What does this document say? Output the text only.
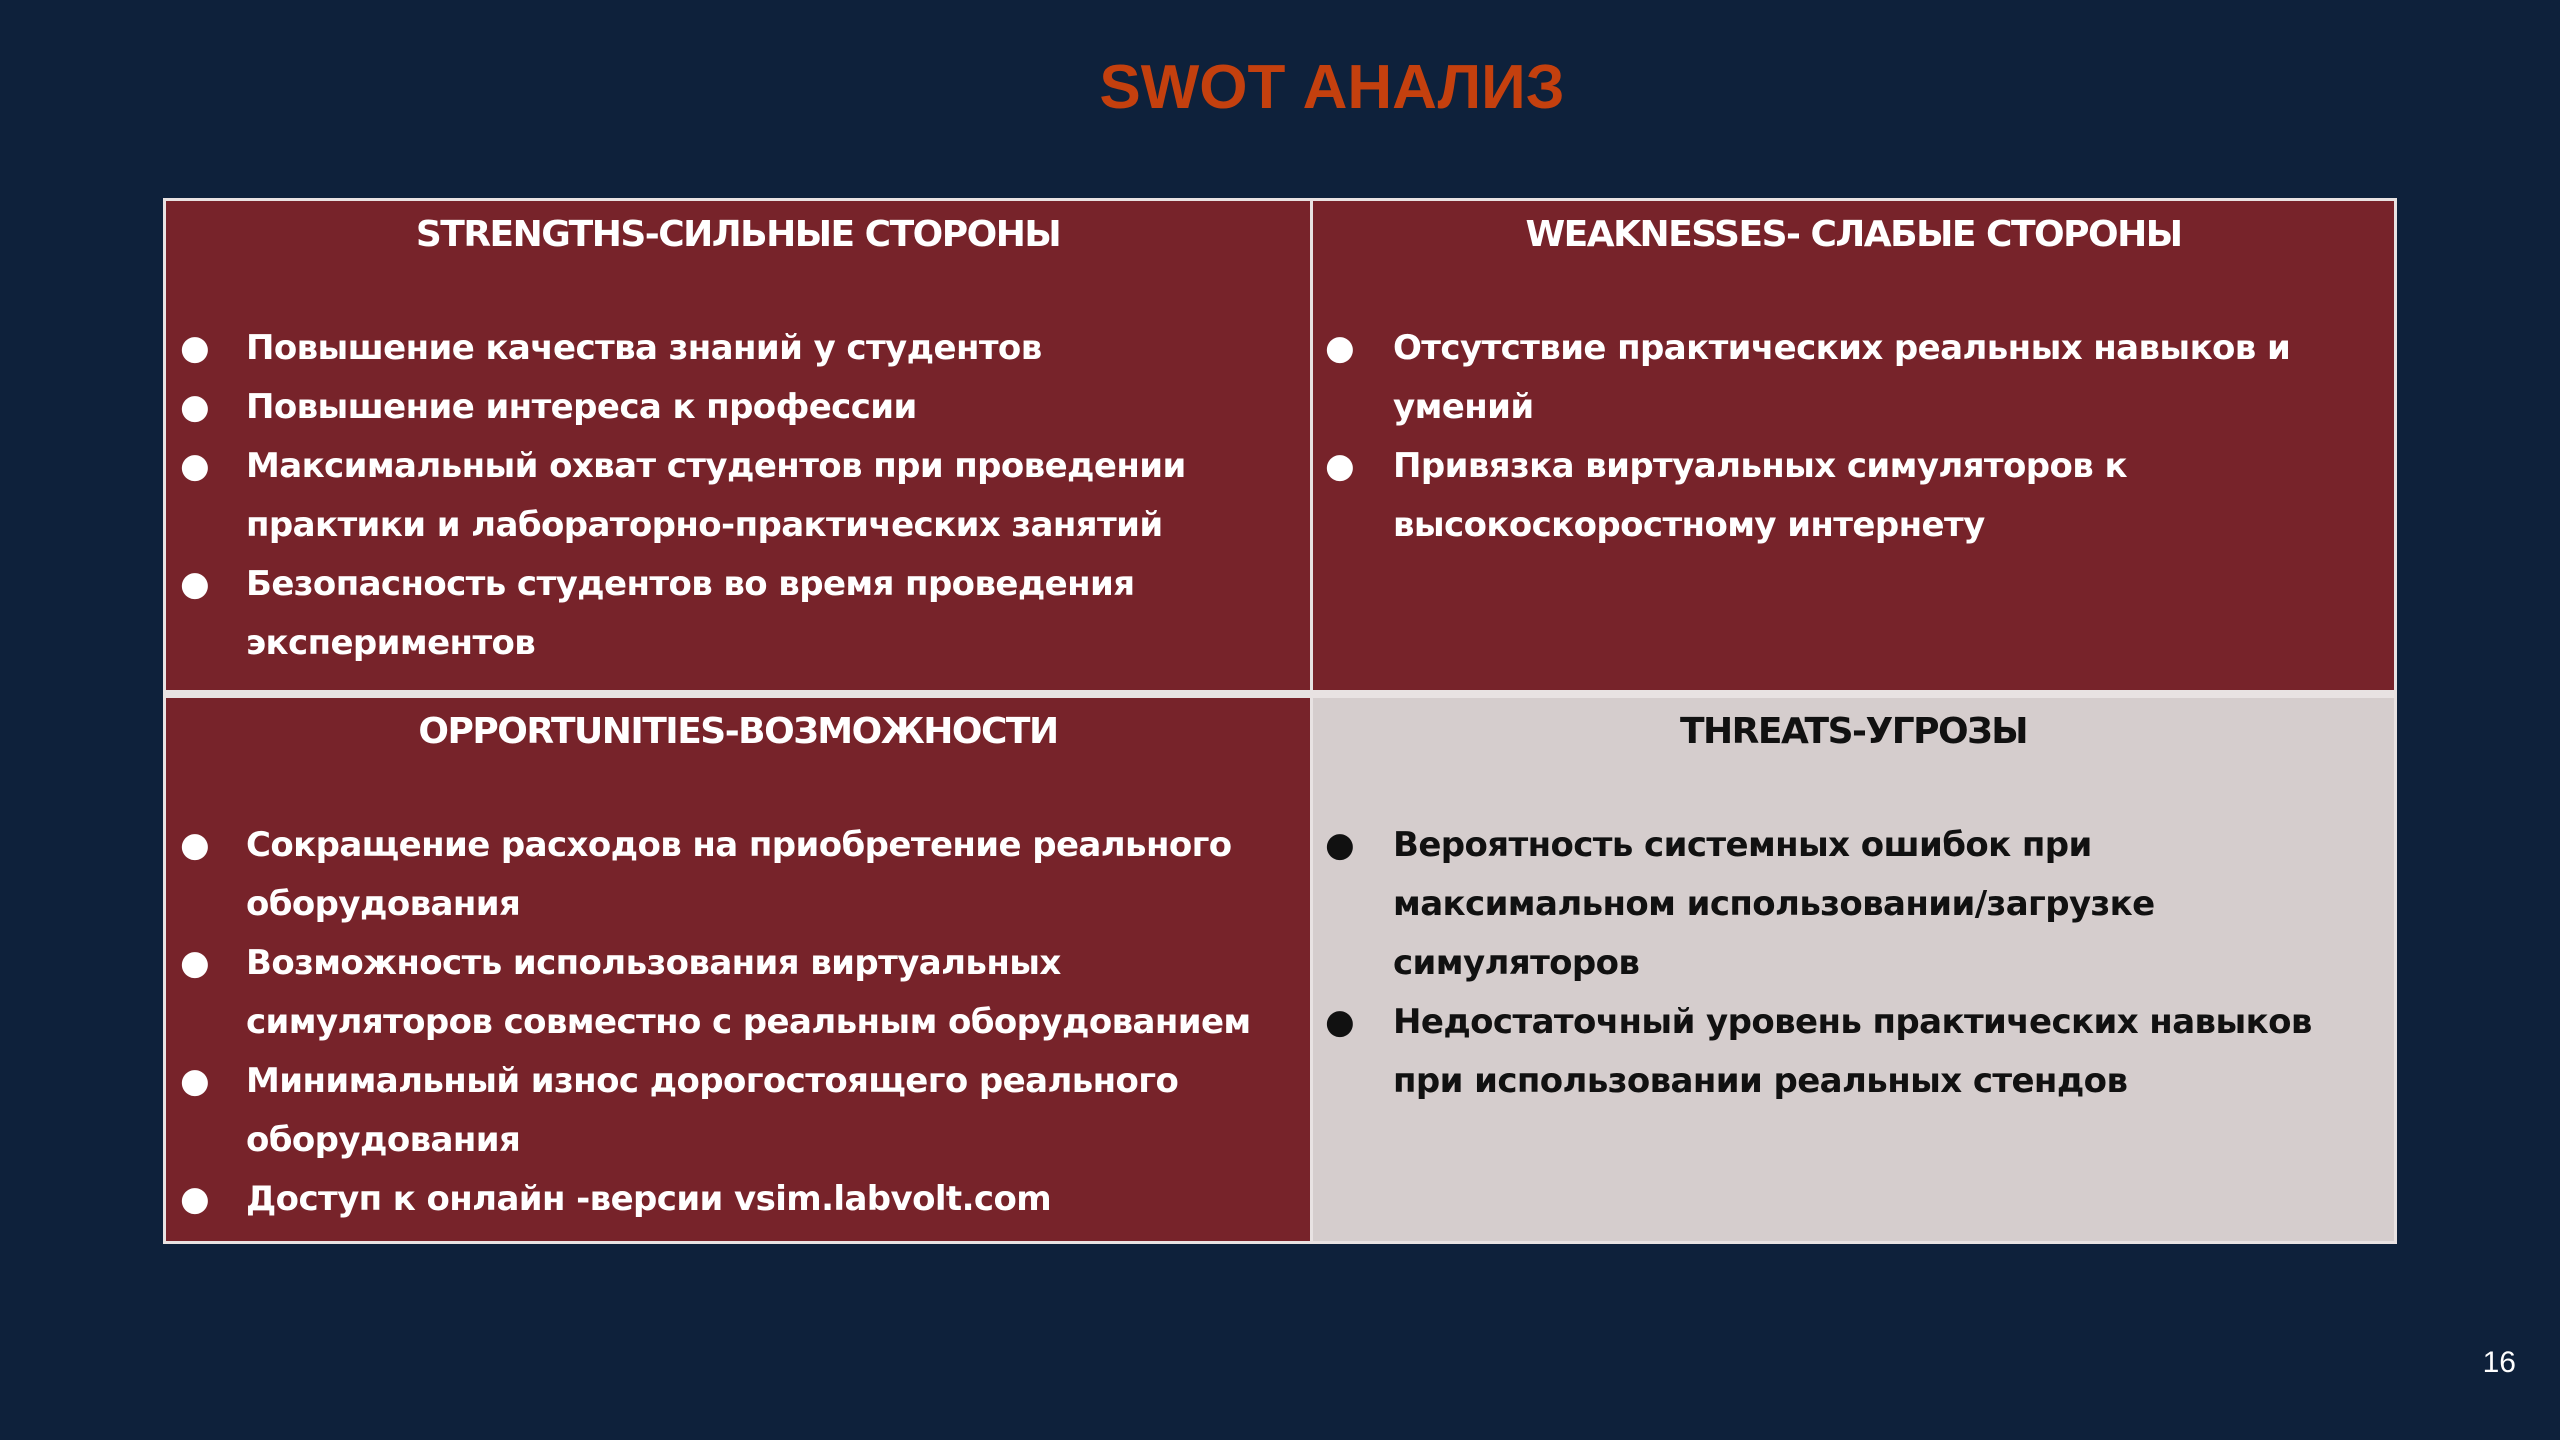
SWOT АНАЛИЗ
STRENGTHS-СИЛЬНЫЕ СТОРОНЫ
● Повышение качества знаний у студентов
● Повышение интереса к профессии
● Максимальный охват студентов при проведении практики и лабораторно-практических занятий
● Безопасность студентов во время проведения экспериментов
WEAKNESSES- СЛАБЫЕ СТОРОНЫ
● Отсутствие практических реальных навыков и умений
● Привязка виртуальных симуляторов к высокоскоростному интернету
OPPORTUNITIES-ВОЗМОЖНОСТИ
● Сокращение расходов на приобретение реального оборудования
● Возможность использования виртуальных симуляторов совместно с реальным оборудованием
● Минимальный износ дорогостоящего реального оборудования
● Доступ к онлайн -версии vsim.labvolt.com
THREATS-УГРОЗЫ
● Вероятность системных ошибок при максимальном использовании/загрузке симуляторов
● Недостаточный уровень практических навыков при использовании реальных стендов
16
